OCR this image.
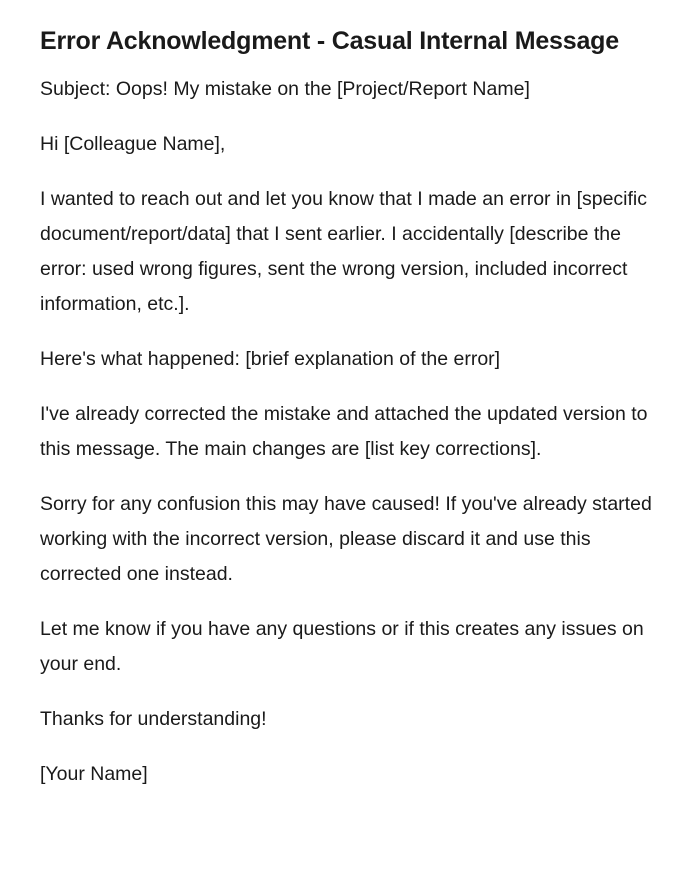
Error Acknowledgment - Casual Internal Message

Subject: Oops! My mistake on the [Project/Report Name]

Hi [Colleague Name],

I wanted to reach out and let you know that I made an error in [specific document/report/data] that I sent earlier. I accidentally [describe the error: used wrong figures, sent the wrong version, included incorrect information, etc.].

Here's what happened: [brief explanation of the error]

I've already corrected the mistake and attached the updated version to this message. The main changes are [list key corrections].

Sorry for any confusion this may have caused! If you've already started working with the incorrect version, please discard it and use this corrected one instead.

Let me know if you have any questions or if this creates any issues on your end.

Thanks for understanding!

[Your Name]
